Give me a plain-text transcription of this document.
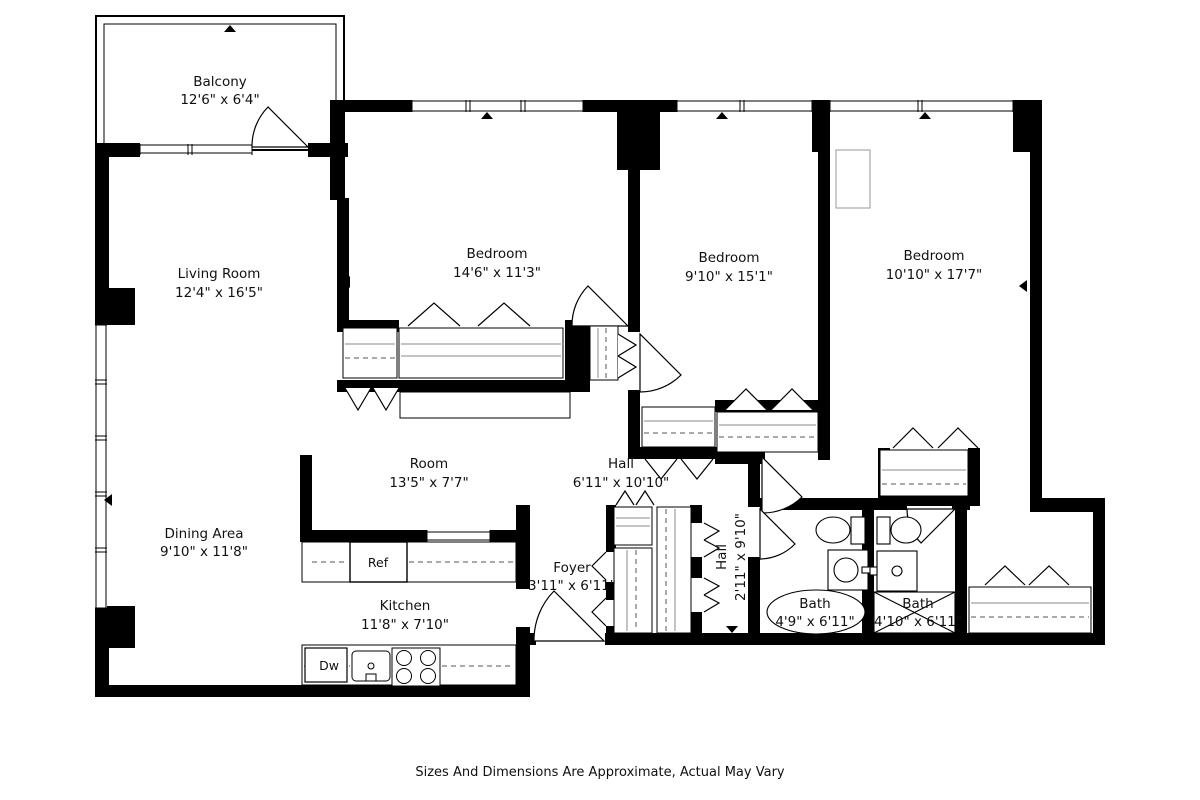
Balcony
12'6" x 6'4"
Living Room
12'4" x 16'5"
Bedroom
14'6" x 11'3"
Bedroom
9'10" x 15'1"
Bedroom
10'10" x 17'7"
Room
13'5" x 7'7"
Hall
6'11" x 10'10"
Dining Area
9'10" x 11'8"
Kitchen
11'8" x 7'10"
Foyer
3'11" x 6'11"
Hall 2'11" x 9'10"
Bath
4'9" x 6'11"
Bath
4'10" x 6'11"
Ref
Dw
Sizes And Dimensions Are Approximate, Actual May Vary
